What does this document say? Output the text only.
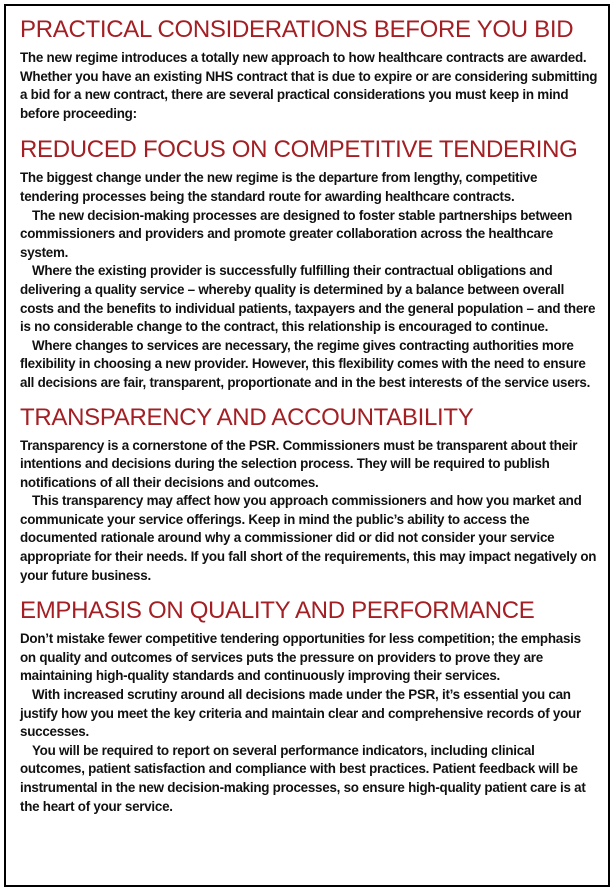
PRACTICAL CONSIDERATIONS BEFORE YOU BID

The new regime introduces a totally new approach to how healthcare contracts are awarded. Whether you have an existing NHS contract that is due to expire or are considering submitting a bid for a new contract, there are several practical considerations you must keep in mind before proceeding:

REDUCED FOCUS ON COMPETITIVE TENDERING

The biggest change under the new regime is the departure from lengthy, competitive tendering processes being the standard route for awarding healthcare contracts.

The new decision-making processes are designed to foster stable partnerships between commissioners and providers and promote greater collaboration across the healthcare system.

Where the existing provider is successfully fulfilling their contractual obligations and delivering a quality service – whereby quality is determined by a balance between overall costs and the benefits to individual patients, taxpayers and the general population – and there is no considerable change to the contract, this relationship is encouraged to continue.

Where changes to services are necessary, the regime gives contracting authorities more flexibility in choosing a new provider. However, this flexibility comes with the need to ensure all decisions are fair, transparent, proportionate and in the best interests of the service users.

TRANSPARENCY AND ACCOUNTABILITY

Transparency is a cornerstone of the PSR. Commissioners must be transparent about their intentions and decisions during the selection process. They will be required to publish notifications of all their decisions and outcomes.

This transparency may affect how you approach commissioners and how you market and communicate your service offerings. Keep in mind the public’s ability to access the documented rationale around why a commissioner did or did not consider your service appropriate for their needs. If you fall short of the requirements, this may impact negatively on your future business.

EMPHASIS ON QUALITY AND PERFORMANCE

Don’t mistake fewer competitive tendering opportunities for less competition; the emphasis on quality and outcomes of services puts the pressure on providers to prove they are maintaining high-quality standards and continuously improving their services.

With increased scrutiny around all decisions made under the PSR, it’s essential you can justify how you meet the key criteria and maintain clear and comprehensive records of your successes.

You will be required to report on several performance indicators, including clinical outcomes, patient satisfaction and compliance with best practices. Patient feedback will be instrumental in the new decision-making processes, so ensure high-quality patient care is at the heart of your service.
